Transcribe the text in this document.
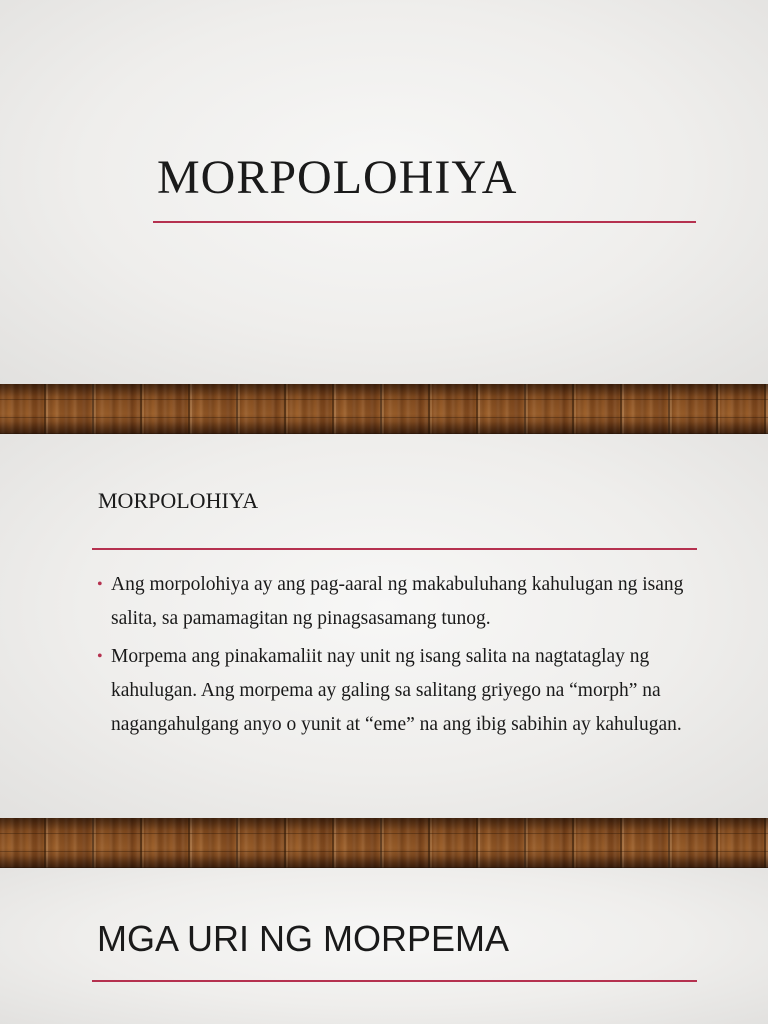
MORPOLOHIYA
MORPOLOHIYA
• Ang morpolohiya ay ang pag-aaral ng makabuluhang kahulugan ng isang salita, sa pamamagitan ng pinagsasamang tunog.
• Morpema ang pinakamaliit nay unit ng isang salita na nagtataglay ng kahulugan. Ang morpema ay galing sa salitang griyego na “morph” na nagangahulgang anyo o yunit at “eme” na ang ibig sabihin ay kahulugan.
MGA URI NG MORPEMA
